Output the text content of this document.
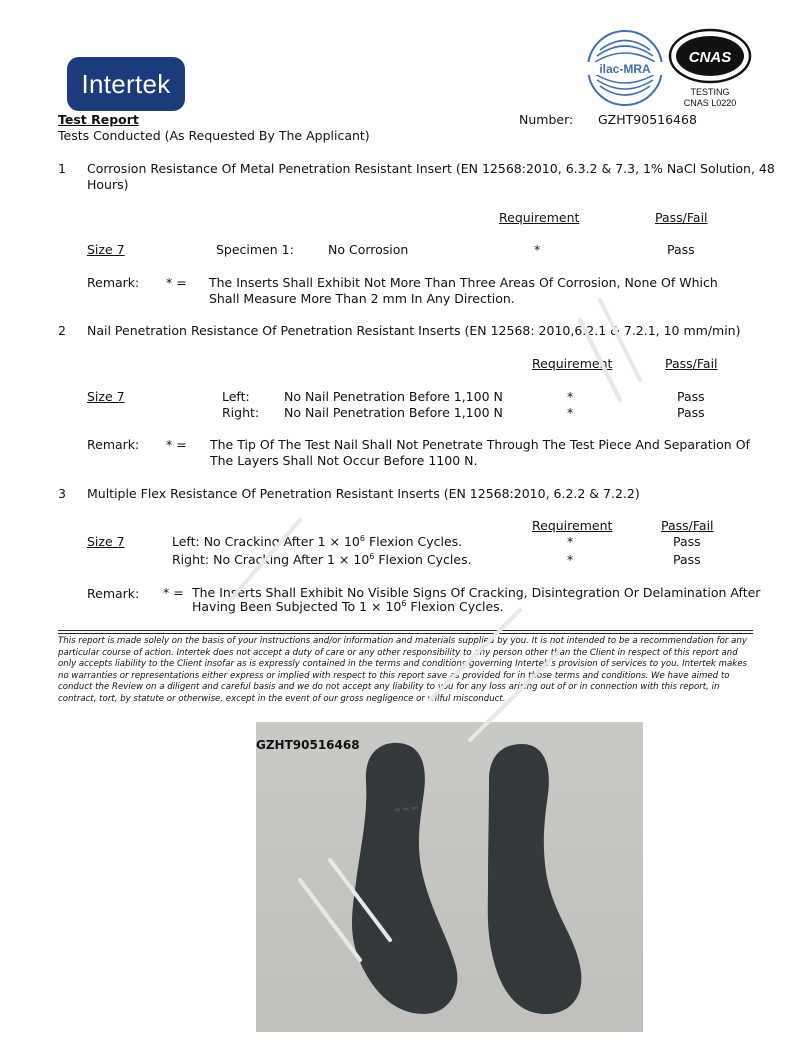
Intertek	ilac-MRA
CNAS
TESTING
CNAS L0220
Test Report	Number: GZHT90516468
Tests Conducted (As Requested By The Applicant)
1 Corrosion Resistance Of Metal Penetration Resistant Insert (EN 12568:2010, 6.3.2 & 7.3, 1% NaCl Solution, 48
Hours)
Requirement	Pass/Fail
Size 7	Specimen 1:	No Corrosion	*	Pass
Remark: * = The Inserts Shall Exhibit Not More Than Three Areas Of Corrosion, None Of Which
Shall Measure More Than 2 mm In Any Direction.
2 Nail Penetration Resistance Of Penetration Resistant Inserts (EN 12568: 2010,6.2.1 & 7.2.1, 10 mm/min)
Requirement	Pass/Fail
Size 7	Left:	No Nail Penetration Before 1,100 N	*	Pass
Right: No Nail Penetration Before 1,100 N	*	Pass
Remark: * = The Tip Of The Test Nail Shall Not Penetrate Through The Test Piece And Separation Of
The Layers Shall Not Occur Before 1100 N.
3 Multiple Flex Resistance Of Penetration Resistant Inserts (EN 12568:2010, 6.2.2 & 7.2.2)
Requirement	Pass/Fail
Size 7	Left: No Cracking After $1 \times 10^6$ Flexion Cycles.	*	Pass
Right: No Cracking After $1 \times 10^6$ Flexion Cycles.	*	Pass
Remark: * = The Inserts Shall Exhibit No Visible Signs Of Cracking, Disintegration Or Delamination After
Having Been Subjected To $1 \times 10^6$ Flexion Cycles.
This report is made solely on the basis of your instructions and/or information and materials supplied by you. It is not intended to be a recommendation for any particular course of action. Intertek does not accept a duty of care or any other responsibility to any person other than the Client in respect of this report and only accepts liability to the Client insofar as is expressly contained in the terms and conditions governing Intertek's provision of services to you. Intertek makes no warranties or representations either express or implied with respect to this report save as provided for in those terms and conditions. We have aimed to conduct the Review on a diligent and careful basis and we do not accept any liability to you for any loss arising out of or in connection with this report, in contract, tort, by statute or otherwise, except in the event of our gross negligence or wilful misconduct.
▬ ▬ ▬
GZHT90516468
